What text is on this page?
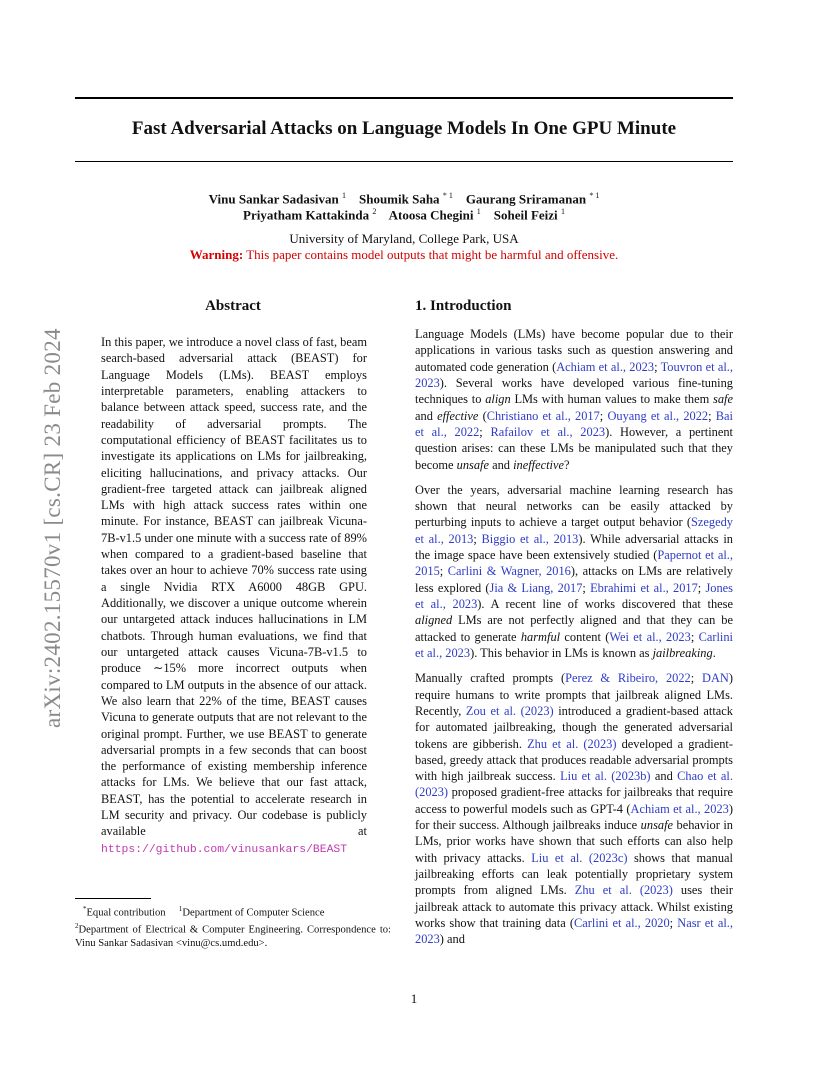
arXiv:2402.15570v1 [cs.CR] 23 Feb 2024
Fast Adversarial Attacks on Language Models In One GPU Minute
Vinu Sankar Sadasivan $^1$ Shoumik Saha $^{* 1}$ Gaurang Sriramanan $^{* 1}$
Priyatham Kattakinda $^2$ Atoosa Chegini $^1$ Soheil Feizi $^1$
University of Maryland, College Park, USA
Warning: This paper contains model outputs that might be harmful and offensive.
Abstract

In this paper, we introduce a novel class of fast, beam search-based adversarial attack (BEAST) for Language Models (LMs). BEAST employs interpretable parameters, enabling attackers to balance between attack speed, success rate, and the readability of adversarial prompts. The computational efficiency of BEAST facilitates us to investigate its applications on LMs for jailbreaking, eliciting hallucinations, and privacy attacks. Our gradient-free targeted attack can jailbreak aligned LMs with high attack success rates within one minute. For instance, BEAST can jailbreak Vicuna-7B-v1.5 under one minute with a success rate of 89% when compared to a gradient-based baseline that takes over an hour to achieve 70% success rate using a single Nvidia RTX A6000 48GB GPU. Additionally, we discover a unique outcome wherein our untargeted attack induces hallucinations in LM chatbots. Through human evaluations, we find that our untargeted attack causes Vicuna-7B-v1.5 to produce ∼15% more incorrect outputs when compared to LM outputs in the absence of our attack. We also learn that 22% of the time, BEAST causes Vicuna to generate outputs that are not relevant to the original prompt. Further, we use BEAST to generate adversarial prompts in a few seconds that can boost the performance of existing membership inference attacks for LMs. We believe that our fast attack, BEAST, has the potential to accelerate research in LM security and privacy. Our codebase is publicly available at https://github.com/vinusankars/BEAST

*Equal contribution $^1$Department of Computer Science
$^2$Department of Electrical & Computer Engineering. Correspondence to: Vinu Sankar Sadasivan <vinu@cs.umd.edu>.
1. Introduction

Language Models (LMs) have become popular due to their applications in various tasks such as question answering and automated code generation (Achiam et al., 2023; Touvron et al., 2023). Several works have developed various fine-tuning techniques to align LMs with human values to make them safe and effective (Christiano et al., 2017; Ouyang et al., 2022; Bai et al., 2022; Rafailov et al., 2023). However, a pertinent question arises: can these LMs be manipulated such that they become unsafe and ineffective?

Over the years, adversarial machine learning research has shown that neural networks can be easily attacked by perturbing inputs to achieve a target output behavior (Szegedy et al., 2013; Biggio et al., 2013). While adversarial attacks in the image space have been extensively studied (Papernot et al., 2015; Carlini & Wagner, 2016), attacks on LMs are relatively less explored (Jia & Liang, 2017; Ebrahimi et al., 2017; Jones et al., 2023). A recent line of works discovered that these aligned LMs are not perfectly aligned and that they can be attacked to generate harmful content (Wei et al., 2023; Carlini et al., 2023). This behavior in LMs is known as jailbreaking.

Manually crafted prompts (Perez & Ribeiro, 2022; DAN) require humans to write prompts that jailbreak aligned LMs. Recently, Zou et al. (2023) introduced a gradient-based attack for automated jailbreaking, though the generated adversarial tokens are gibberish. Zhu et al. (2023) developed a gradient-based, greedy attack that produces readable adversarial prompts with high jailbreak success. Liu et al. (2023b) and Chao et al. (2023) proposed gradient-free attacks for jailbreaks that require access to powerful models such as GPT-4 (Achiam et al., 2023) for their success. Although jailbreaks induce unsafe behavior in LMs, prior works have shown that such efforts can also help with privacy attacks. Liu et al. (2023c) shows that manual jailbreaking efforts can leak potentially proprietary system prompts from aligned LMs. Zhu et al. (2023) uses their jailbreak attack to automate this privacy attack. Whilst existing works show that training data (Carlini et al., 2020; Nasr et al., 2023) and

1
